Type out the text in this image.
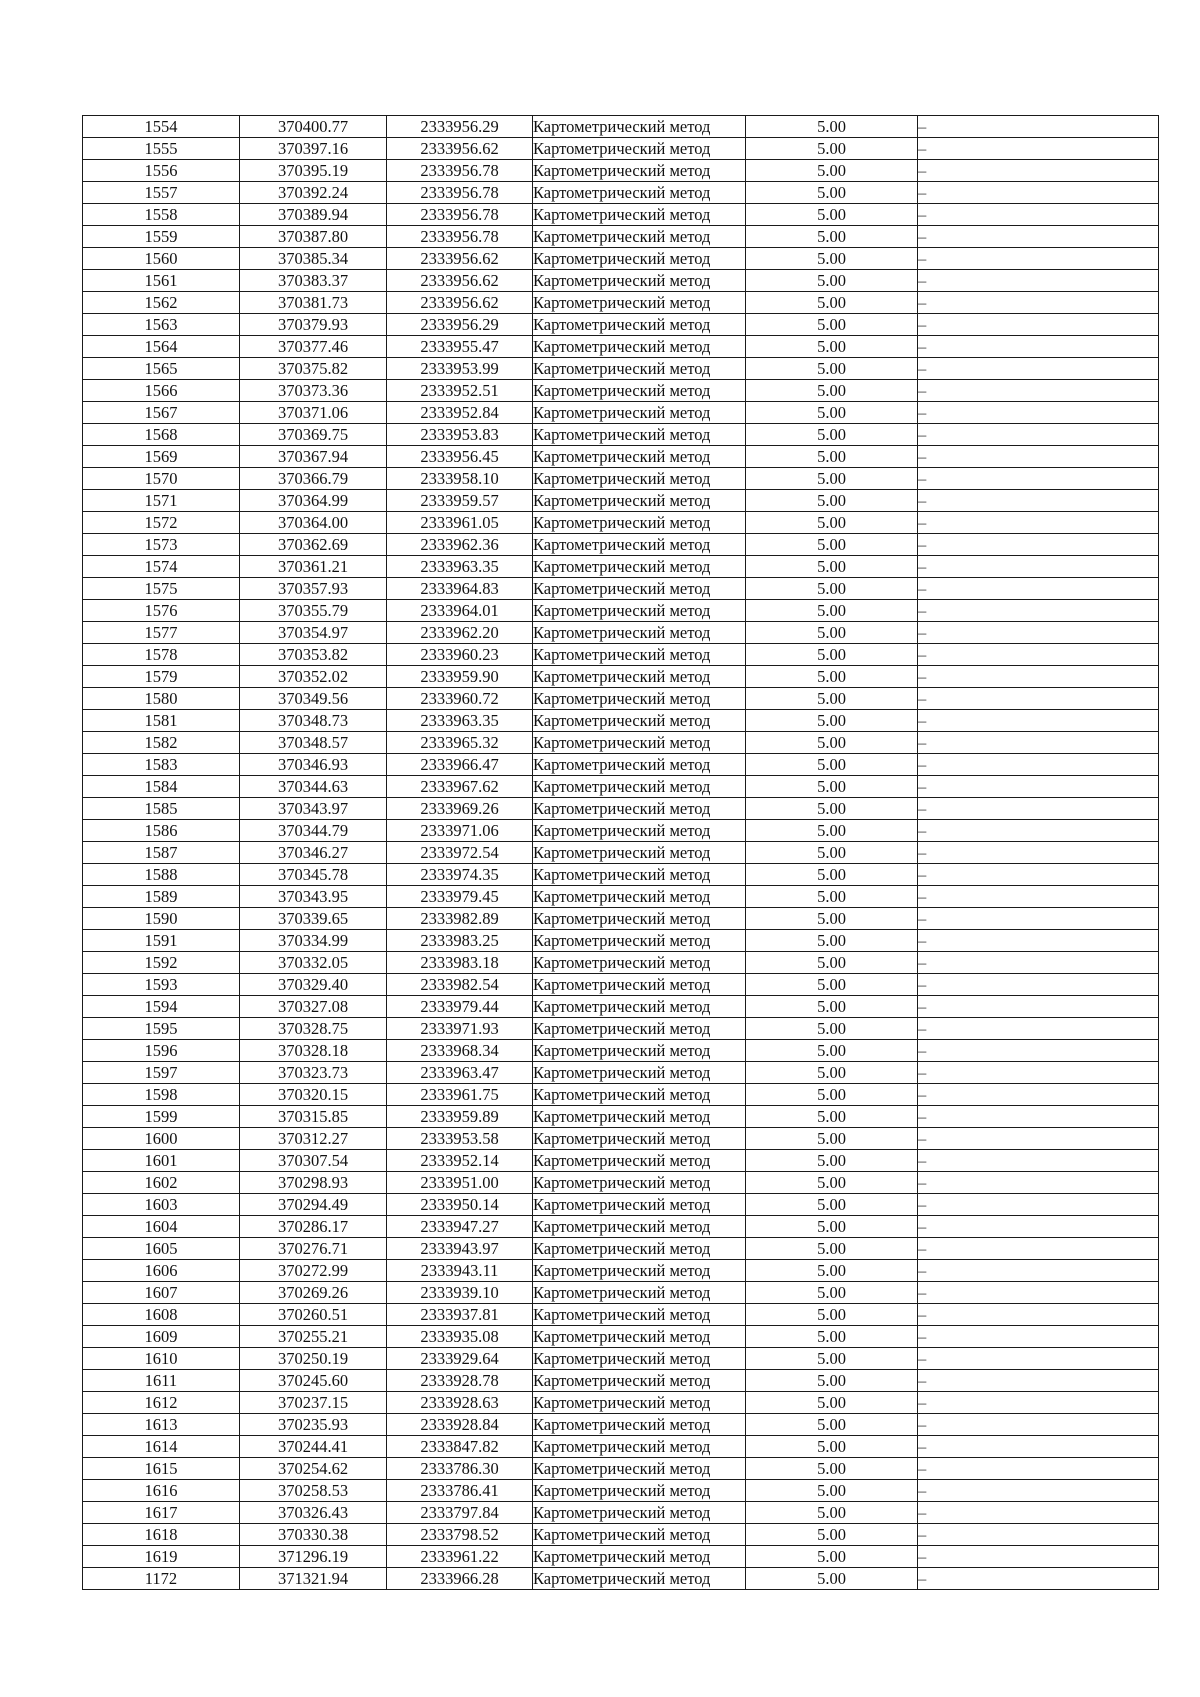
1554	370400.77	2333956.29	Картометрический метод	5.00	–
1555	370397.16	2333956.62	Картометрический метод	5.00	–
1556	370395.19	2333956.78	Картометрический метод	5.00	–
1557	370392.24	2333956.78	Картометрический метод	5.00	–
1558	370389.94	2333956.78	Картометрический метод	5.00	–
1559	370387.80	2333956.78	Картометрический метод	5.00	–
1560	370385.34	2333956.62	Картометрический метод	5.00	–
1561	370383.37	2333956.62	Картометрический метод	5.00	–
1562	370381.73	2333956.62	Картометрический метод	5.00	–
1563	370379.93	2333956.29	Картометрический метод	5.00	–
1564	370377.46	2333955.47	Картометрический метод	5.00	–
1565	370375.82	2333953.99	Картометрический метод	5.00	–
1566	370373.36	2333952.51	Картометрический метод	5.00	–
1567	370371.06	2333952.84	Картометрический метод	5.00	–
1568	370369.75	2333953.83	Картометрический метод	5.00	–
1569	370367.94	2333956.45	Картометрический метод	5.00	–
1570	370366.79	2333958.10	Картометрический метод	5.00	–
1571	370364.99	2333959.57	Картометрический метод	5.00	–
1572	370364.00	2333961.05	Картометрический метод	5.00	–
1573	370362.69	2333962.36	Картометрический метод	5.00	–
1574	370361.21	2333963.35	Картометрический метод	5.00	–
1575	370357.93	2333964.83	Картометрический метод	5.00	–
1576	370355.79	2333964.01	Картометрический метод	5.00	–
1577	370354.97	2333962.20	Картометрический метод	5.00	–
1578	370353.82	2333960.23	Картометрический метод	5.00	–
1579	370352.02	2333959.90	Картометрический метод	5.00	–
1580	370349.56	2333960.72	Картометрический метод	5.00	–
1581	370348.73	2333963.35	Картометрический метод	5.00	–
1582	370348.57	2333965.32	Картометрический метод	5.00	–
1583	370346.93	2333966.47	Картометрический метод	5.00	–
1584	370344.63	2333967.62	Картометрический метод	5.00	–
1585	370343.97	2333969.26	Картометрический метод	5.00	–
1586	370344.79	2333971.06	Картометрический метод	5.00	–
1587	370346.27	2333972.54	Картометрический метод	5.00	–
1588	370345.78	2333974.35	Картометрический метод	5.00	–
1589	370343.95	2333979.45	Картометрический метод	5.00	–
1590	370339.65	2333982.89	Картометрический метод	5.00	–
1591	370334.99	2333983.25	Картометрический метод	5.00	–
1592	370332.05	2333983.18	Картометрический метод	5.00	–
1593	370329.40	2333982.54	Картометрический метод	5.00	–
1594	370327.08	2333979.44	Картометрический метод	5.00	–
1595	370328.75	2333971.93	Картометрический метод	5.00	–
1596	370328.18	2333968.34	Картометрический метод	5.00	–
1597	370323.73	2333963.47	Картометрический метод	5.00	–
1598	370320.15	2333961.75	Картометрический метод	5.00	–
1599	370315.85	2333959.89	Картометрический метод	5.00	–
1600	370312.27	2333953.58	Картометрический метод	5.00	–
1601	370307.54	2333952.14	Картометрический метод	5.00	–
1602	370298.93	2333951.00	Картометрический метод	5.00	–
1603	370294.49	2333950.14	Картометрический метод	5.00	–
1604	370286.17	2333947.27	Картометрический метод	5.00	–
1605	370276.71	2333943.97	Картометрический метод	5.00	–
1606	370272.99	2333943.11	Картометрический метод	5.00	–
1607	370269.26	2333939.10	Картометрический метод	5.00	–
1608	370260.51	2333937.81	Картометрический метод	5.00	–
1609	370255.21	2333935.08	Картометрический метод	5.00	–
1610	370250.19	2333929.64	Картометрический метод	5.00	–
1611	370245.60	2333928.78	Картометрический метод	5.00	–
1612	370237.15	2333928.63	Картометрический метод	5.00	–
1613	370235.93	2333928.84	Картометрический метод	5.00	–
1614	370244.41	2333847.82	Картометрический метод	5.00	–
1615	370254.62	2333786.30	Картометрический метод	5.00	–
1616	370258.53	2333786.41	Картометрический метод	5.00	–
1617	370326.43	2333797.84	Картометрический метод	5.00	–
1618	370330.38	2333798.52	Картометрический метод	5.00	–
1619	371296.19	2333961.22	Картометрический метод	5.00	–
1172	371321.94	2333966.28	Картометрический метод	5.00	–
